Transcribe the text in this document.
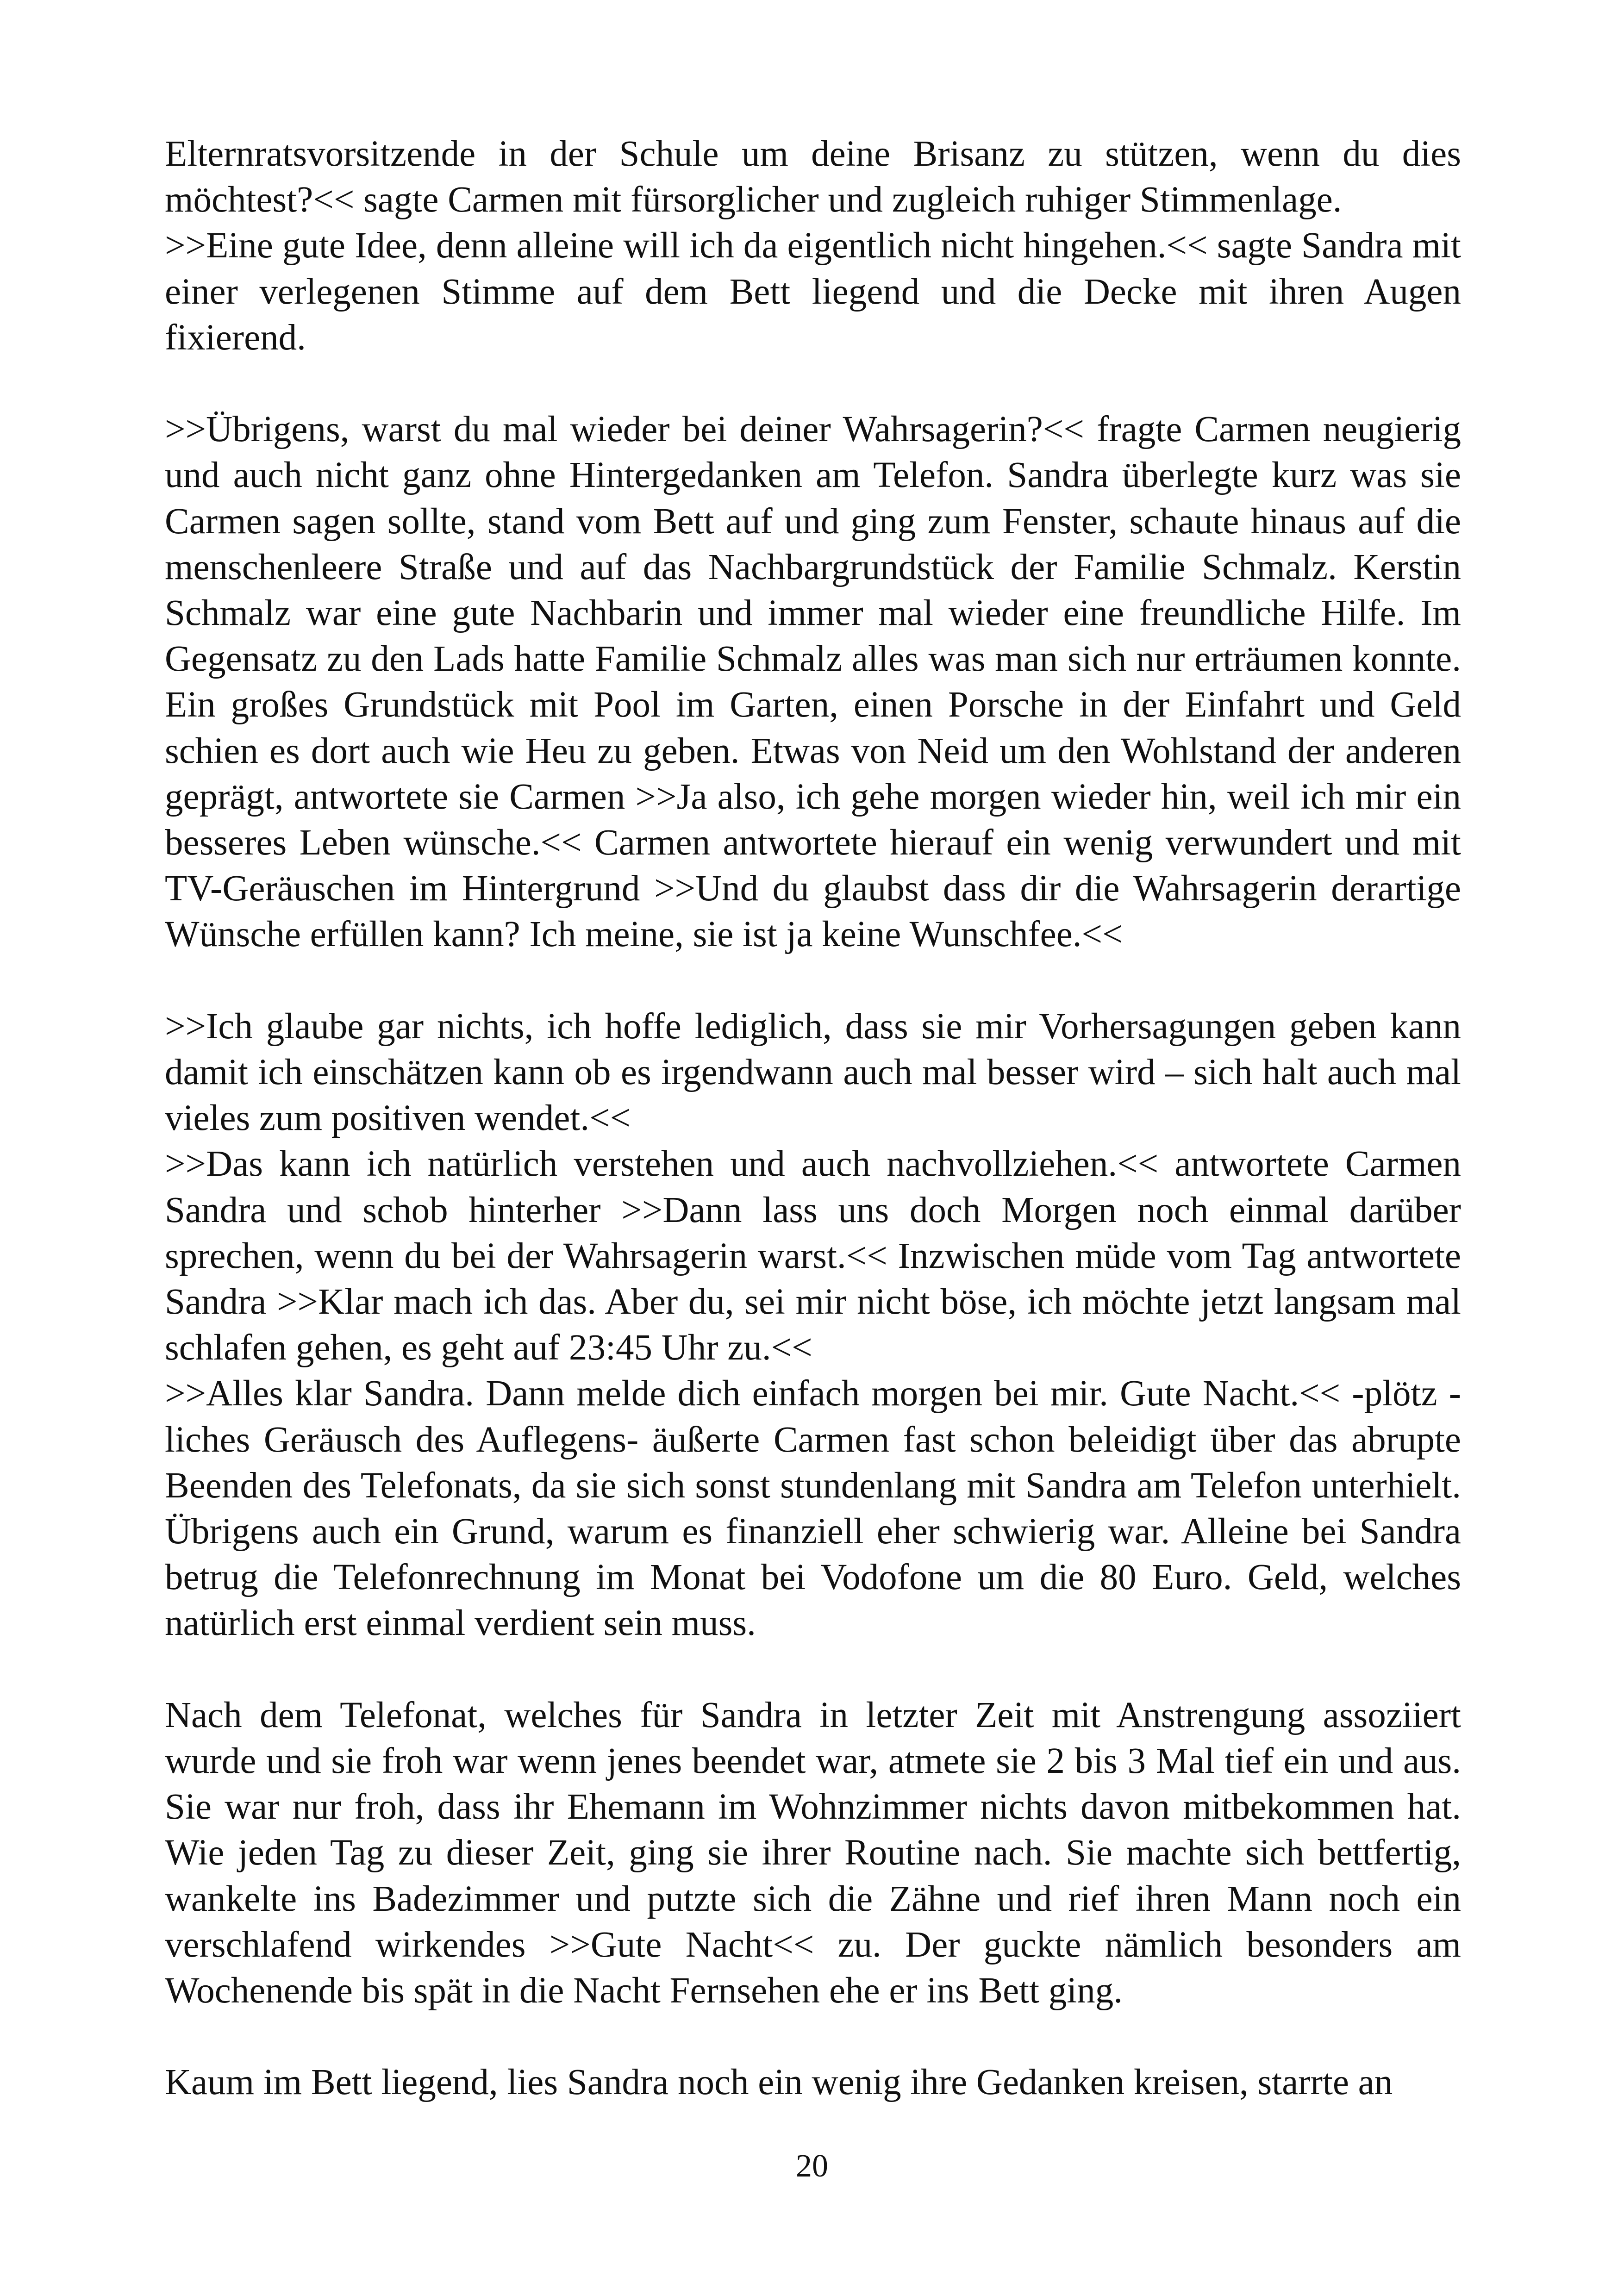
Elternratsvorsitzende in der Schule um deine Brisanz zu stützen, wenn du dies möchtest?<< sagte Carmen mit fürsorglicher und zugleich ruhiger Stimmenlage.

>>Eine gute Idee, denn alleine will ich da eigentlich nicht hingehen.<< sagte Sandra mit einer verlegenen Stimme auf dem Bett liegend und die Decke mit ihren Augen fixierend.

>>Übrigens, warst du mal wieder bei deiner Wahrsagerin?<< fragte Carmen neugierig und auch nicht ganz ohne Hintergedanken am Telefon. Sandra überlegte kurz was sie Carmen sagen sollte, stand vom Bett auf und ging zum Fenster, schaute hinaus auf die menschenleere Straße und auf das Nachbargrundstück der Familie Schmalz. Kerstin Schmalz war eine gute Nachbarin und immer mal wieder eine freundliche Hilfe. Im Gegensatz zu den Lads hatte Familie Schmalz alles was man sich nur erträumen konnte. Ein großes Grundstück mit Pool im Garten, einen Porsche in der Einfahrt und Geld schien es dort auch wie Heu zu geben. Etwas von Neid um den Wohlstand der anderen geprägt, antwortete sie Carmen >>Ja also, ich gehe morgen wieder hin, weil ich mir ein besseres Leben wünsche.<< Carmen antwortete hierauf ein wenig verwundert und mit TV-Geräuschen im Hintergrund >>Und du glaubst dass dir die Wahrsagerin derartige Wünsche erfüllen kann? Ich meine, sie ist ja keine Wunschfee.<<

>>Ich glaube gar nichts, ich hoffe lediglich, dass sie mir Vorhersagungen geben kann damit ich einschätzen kann ob es irgendwann auch mal besser wird – sich halt auch mal vieles zum positiven wendet.<<

>>Das kann ich natürlich verstehen und auch nachvollziehen.<< antwortete Carmen Sandra und schob hinterher >>Dann lass uns doch Morgen noch einmal darüber sprechen, wenn du bei der Wahrsagerin warst.<< Inzwischen müde vom Tag antwortete Sandra >>Klar mach ich das. Aber du, sei mir nicht böse, ich möchte jetzt langsam mal schlafen gehen, es geht auf 23:45 Uhr zu.<<

>>Alles klar Sandra. Dann melde dich einfach morgen bei mir. Gute Nacht.<< -plötz -liches Geräusch des Auflegens- äußerte Carmen fast schon beleidigt über das abrupte Beenden des Telefonats, da sie sich sonst stundenlang mit Sandra am Telefon unterhielt. Übrigens auch ein Grund, warum es finanziell eher schwierig war. Alleine bei Sandra betrug die Telefonrechnung im Monat bei Vodofone um die 80 Euro. Geld, welches natürlich erst einmal verdient sein muss.

Nach dem Telefonat, welches für Sandra in letzter Zeit mit Anstrengung assoziiert wurde und sie froh war wenn jenes beendet war, atmete sie 2 bis 3 Mal tief ein und aus. Sie war nur froh, dass ihr Ehemann im Wohnzimmer nichts davon mitbekommen hat. Wie jeden Tag zu dieser Zeit, ging sie ihrer Routine nach. Sie machte sich bettfertig, wankelte ins Badezimmer und putzte sich die Zähne und rief ihren Mann noch ein verschlafend wirkendes >>Gute Nacht<< zu. Der guckte nämlich besonders am Wochenende bis spät in die Nacht Fernsehen ehe er ins Bett ging.

Kaum im Bett liegend, lies Sandra noch ein wenig ihre Gedanken kreisen, starrte an

20
